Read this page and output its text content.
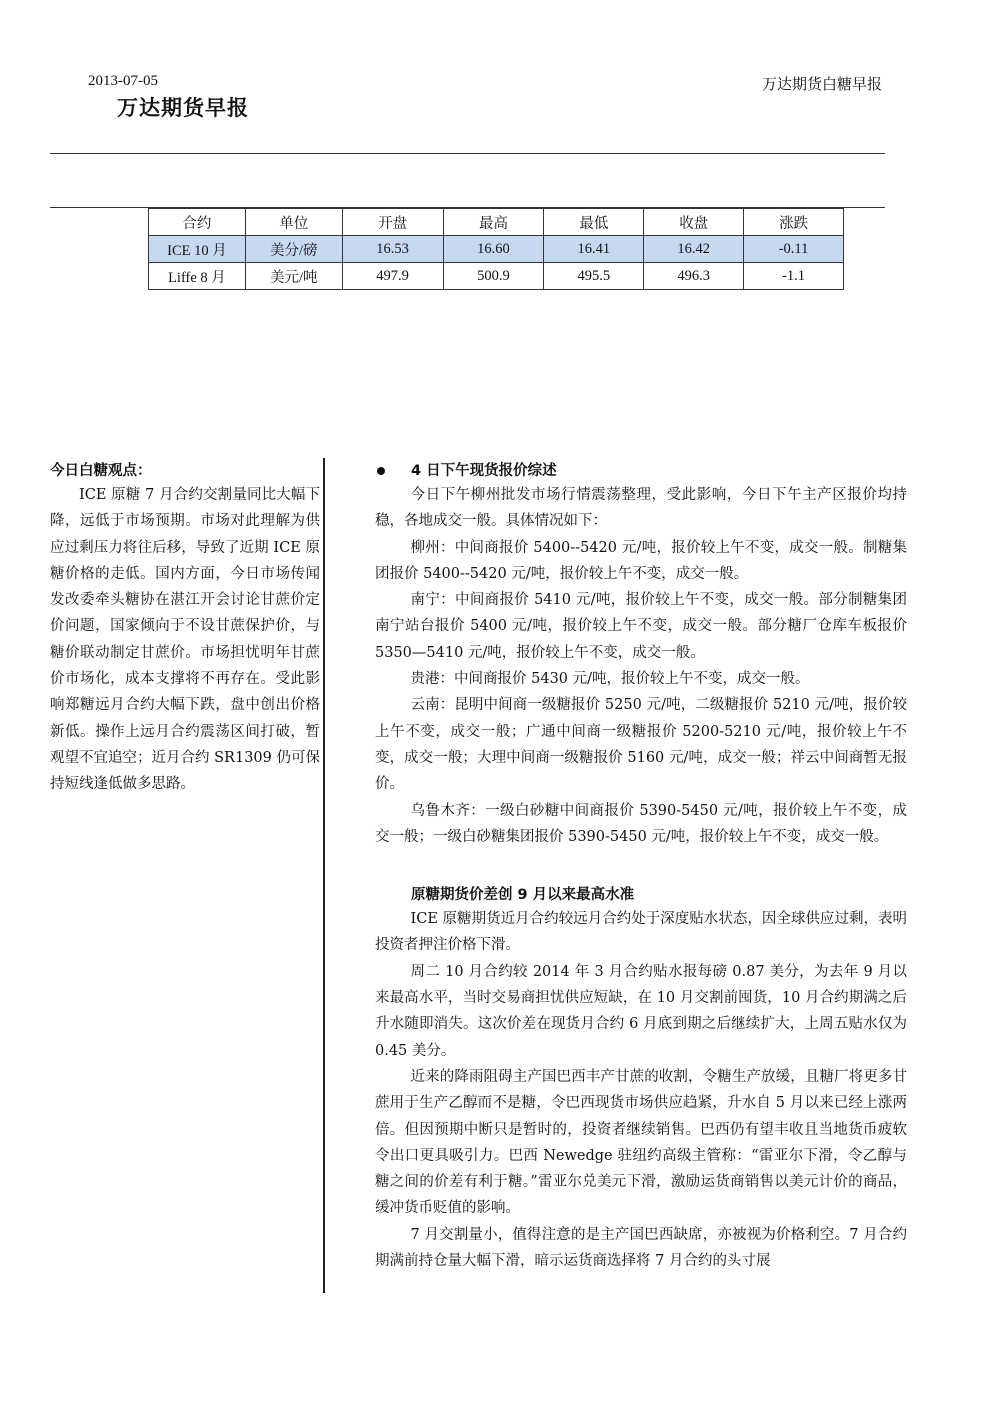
2013-07-05
万达期货早报
万达期货白糖早报
合约	单位	开盘	最高	最低	收盘	涨跌
ICE 10 月	美分/磅	16.53	16.60	16.41	16.42	-0.11
Liffe 8 月	美元/吨	497.9	500.9	495.5	496.3	-1.1
今日白糖观点：

ICE 原糖 7 月合约交割量同比大幅下降，远低于市场预期。市场对此理解为供应过剩压力将往后移，导致了近期 ICE 原糖价格的走低。国内方面，今日市场传闻发改委牵头糖协在湛江开会讨论甘蔗价定价问题，国家倾向于不设甘蔗保护价，与糖价联动制定甘蔗价。市场担忧明年甘蔗价市场化，成本支撑将不再存在。受此影响郑糖远月合约大幅下跌，盘中创出价格新低。操作上远月合约震荡区间打破，暂观望不宜追空；近月合约 SR1309 仍可保持短线逢低做多思路。

4 日下午现货报价综述

今日下午柳州批发市场行情震荡整理，受此影响，今日下午主产区报价均持稳，各地成交一般。具体情况如下：

柳州：中间商报价 5400--5420 元/吨，报价较上午不变，成交一般。制糖集团报价 5400--5420 元/吨，报价较上午不变，成交一般。

南宁：中间商报价 5410 元/吨，报价较上午不变，成交一般。部分制糖集团南宁站台报价 5400 元/吨，报价较上午不变，成交一般。部分糖厂仓库车板报价 5350—5410 元/吨，报价较上午不变，成交一般。

贵港：中间商报价 5430 元/吨，报价较上午不变，成交一般。

云南：昆明中间商一级糖报价 5250 元/吨，二级糖报价 5210 元/吨，报价较上午不变，成交一般；广通中间商一级糖报价 5200-5210 元/吨，报价较上午不变，成交一般；大理中间商一级糖报价 5160 元/吨，成交一般；祥云中间商暂无报价。

乌鲁木齐：一级白砂糖中间商报价 5390-5450 元/吨，报价较上午不变，成交一般；一级白砂糖集团报价 5390-5450 元/吨，报价较上午不变，成交一般。

原糖期货价差创 9 月以来最高水准

ICE 原糖期货近月合约较远月合约处于深度贴水状态，因全球供应过剩，表明投资者押注价格下滑。

周二 10 月合约较 2014 年 3 月合约贴水报每磅 0.87 美分，为去年 9 月以来最高水平，当时交易商担忧供应短缺，在 10 月交割前囤货，10 月合约期满之后升水随即消失。这次价差在现货月合约 6 月底到期之后继续扩大，上周五贴水仅为 0.45 美分。

近来的降雨阻碍主产国巴西丰产甘蔗的收割，令糖生产放缓，且糖厂将更多甘蔗用于生产乙醇而不是糖，令巴西现货市场供应趋紧，升水自 5 月以来已经上涨两倍。但因预期中断只是暂时的，投资者继续销售。巴西仍有望丰收且当地货币疲软令出口更具吸引力。巴西 Newedge 驻纽约高级主管称：“雷亚尔下滑，令乙醇与糖之间的价差有利于糖。”雷亚尔兑美元下滑，激励运货商销售以美元计价的商品，缓冲货币贬值的影响。

7 月交割量小，值得注意的是主产国巴西缺席，亦被视为价格利空。7 月合约期满前持仓量大幅下滑，暗示运货商选择将 7 月合约的头寸展
